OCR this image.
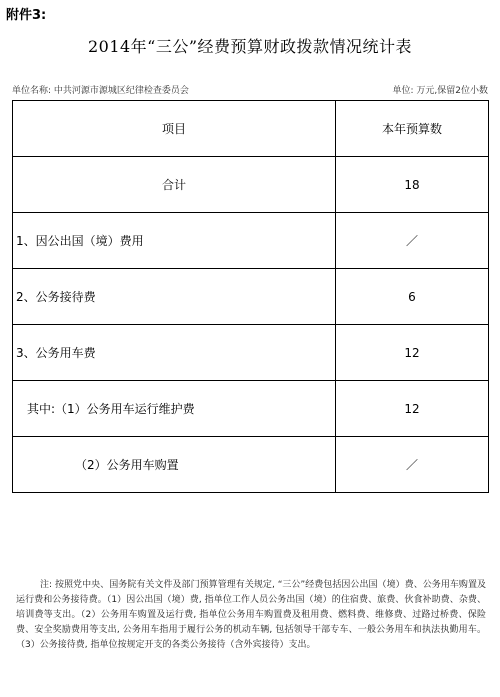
附件3:
2014年“三公”经费预算财政拨款情况统计表
单位名称: 中共河源市源城区纪律检查委员会	单位: 万元,保留2位小数
项目	本年预算数
合计	18
1、因公出国（境）费用	／
2、公务接待费	6
3、公务用车费	12
其中:（1）公务用车运行维护费	12
（2）公务用车购置	／
注: 按照党中央、国务院有关文件及部门预算管理有关规定, “三公”经费包括因公出国（境）费、公务用车购置及运行费和公务接待费。（1）因公出国（境）费, 指单位工作人员公务出国（境）的住宿费、旅费、伙食补助费、杂费、培训费等支出。（2）公务用车购置及运行费, 指单位公务用车购置费及租用费、燃料费、维修费、过路过桥费、保险费、安全奖励费用等支出, 公务用车指用于履行公务的机动车辆, 包括领导干部专车、一般公务用车和执法执勤用车。（3）公务接待费, 指单位按规定开支的各类公务接待（含外宾接待）支出。
